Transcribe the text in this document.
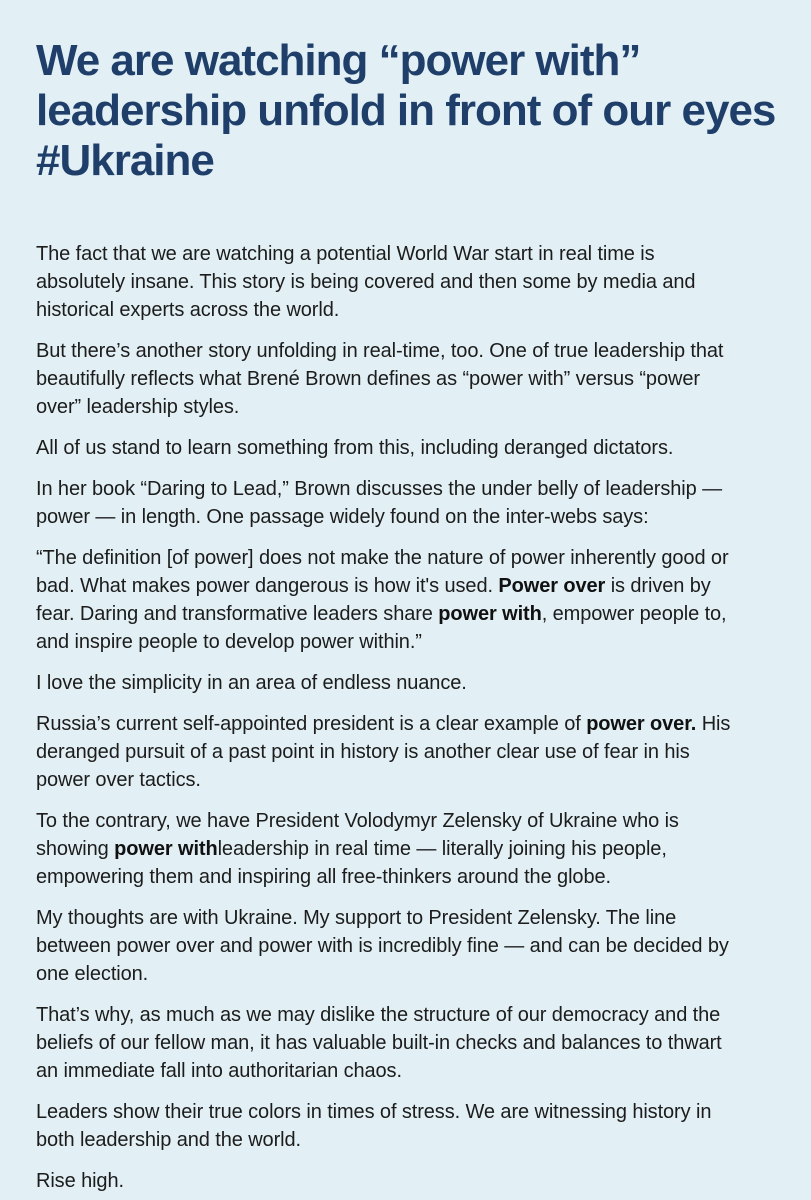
We are watching “power with”
leadership unfold in front of our eyes
#Ukraine

The fact that we are watching a potential World War start in real time is
absolutely insane. This story is being covered and then some by media and
historical experts across the world.

But there’s another story unfolding in real-time, too. One of true leadership that
beautifully reflects what Brené Brown defines as “power with” versus “power
over” leadership styles.

All of us stand to learn something from this, including deranged dictators.

In her book “Daring to Lead,” Brown discusses the under belly of leadership —
power — in length. One passage widely found on the inter-webs says:

“The definition [of power] does not make the nature of power inherently good or
bad. What makes power dangerous is how it's used. Power over is driven by
fear. Daring and transformative leaders share power with, empower people to,
and inspire people to develop power within.”

I love the simplicity in an area of endless nuance.

Russia’s current self-appointed president is a clear example of power over. His
deranged pursuit of a past point in history is another clear use of fear in his
power over tactics.

To the contrary, we have President Volodymyr Zelensky of Ukraine who is
showing power withleadership in real time — literally joining his people,
empowering them and inspiring all free-thinkers around the globe.

My thoughts are with Ukraine. My support to President Zelensky. The line
between power over and power with is incredibly fine — and can be decided by
one election.

That’s why, as much as we may dislike the structure of our democracy and the
beliefs of our fellow man, it has valuable built-in checks and balances to thwart
an immediate fall into authoritarian chaos.

Leaders show their true colors in times of stress. We are witnessing history in
both leadership and the world.

Rise high.
